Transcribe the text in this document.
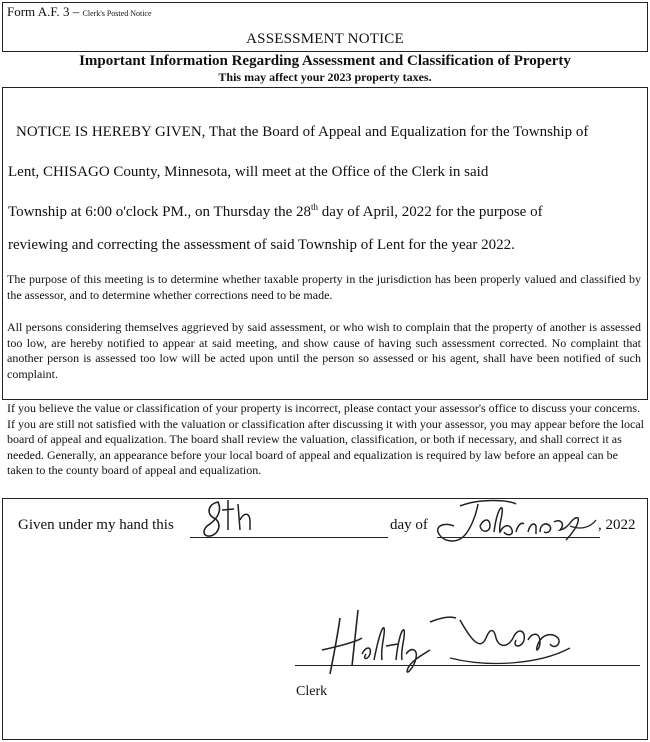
Form A.F. 3 – Clerk's Posted Notice
ASSESSMENT NOTICE
Important Information Regarding Assessment and Classification of Property
This may affect your 2023 property taxes.
NOTICE IS HEREBY GIVEN, That the Board of Appeal and Equalization for the Township of
Lent, CHISAGO County, Minnesota, will meet at the Office of the Clerk in said
Township at 6:00 o'clock PM., on Thursday the 28th day of April, 2022 for the purpose of
reviewing and correcting the assessment of said Township of Lent for the year 2022.
The purpose of this meeting is to determine whether taxable property in the jurisdiction has been properly valued and classified by the assessor, and to determine whether corrections need to be made.
All persons considering themselves aggrieved by said assessment, or who wish to complain that the property of another is assessed too low, are hereby notified to appear at said meeting, and show cause of having such assessment corrected. No complaint that another person is assessed too low will be acted upon until the person so assessed or his agent, shall have been notified of such complaint.
If you believe the value or classification of your property is incorrect, please contact your assessor's office to discuss your concerns. If you are still not satisfied with the valuation or classification after discussing it with your assessor, you may appear before the local board of appeal and equalization. The board shall review the valuation, classification, or both if necessary, and shall correct it as needed. Generally, an appearance before your local board of appeal and equalization is required by law before an appeal can be taken to the county board of appeal and equalization.
Given under my hand this	day of	, 2022
Clerk
